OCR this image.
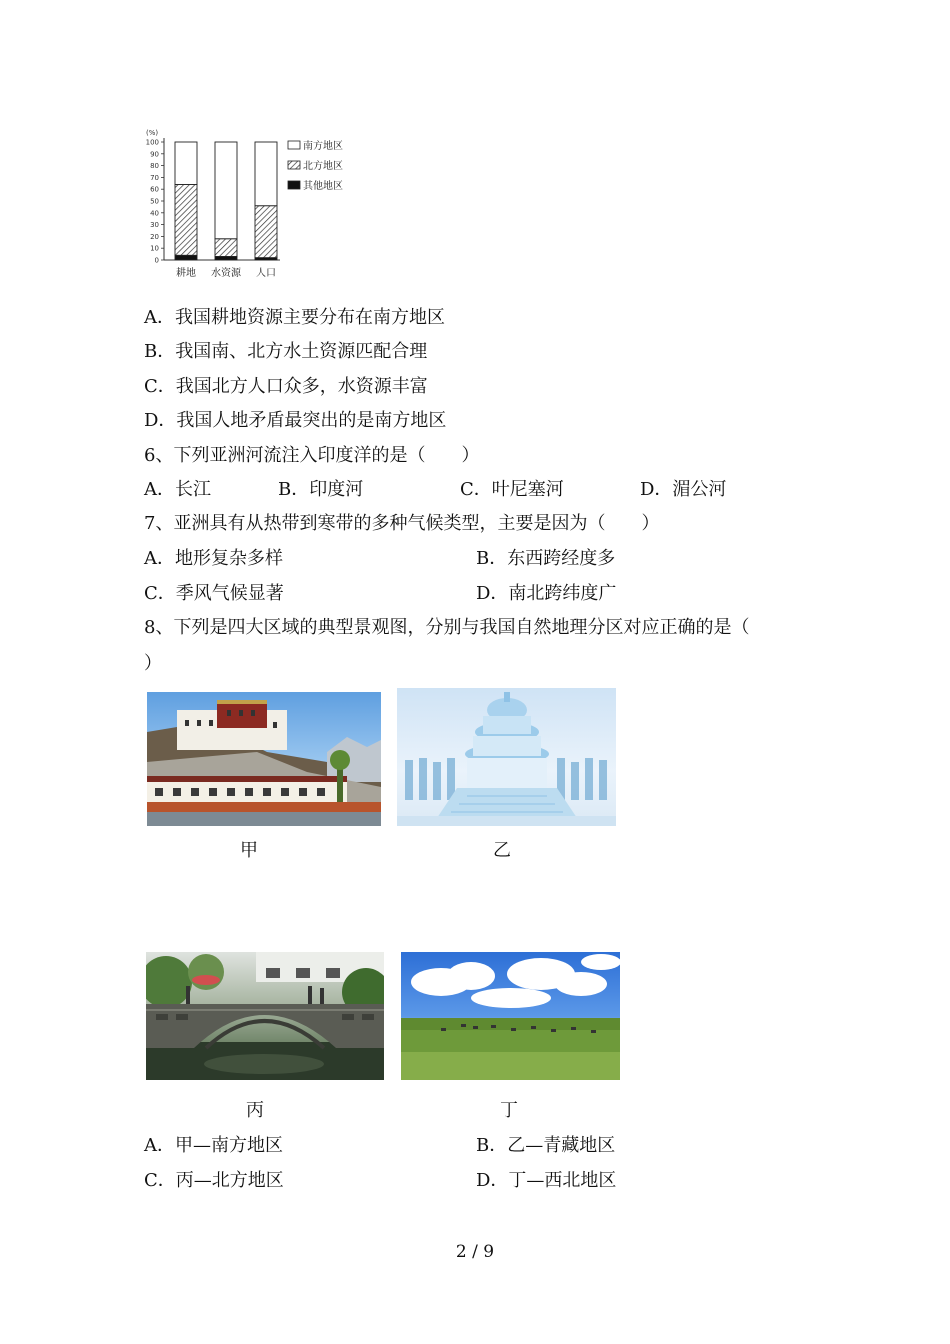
(%)
0
10
20
30
40
50
60
70
80
90
100
耕地 水资源 人口
南方地区
北方地区
其他地区
A．我国耕地资源主要分布在南方地区
B．我国南、北方水土资源匹配合理
C．我国北方人口众多，水资源丰富
D．我国人地矛盾最突出的是南方地区
6、下列亚洲河流注入印度洋的是（　　）
A．长江	B．印度河	C．叶尼塞河	D．湄公河
7、亚洲具有从热带到寒带的多种气候类型，主要是因为（　　）
A．地形复杂多样	B．东西跨经度多
C．季风气候显著	D．南北跨纬度广
8、下列是四大区域的典型景观图，分别与我国自然地理分区对应正确的是（
）
甲	乙
丙	丁
A．甲—南方地区	B．乙—青藏地区
C．丙—北方地区	D．丁—西北地区
2 / 9
